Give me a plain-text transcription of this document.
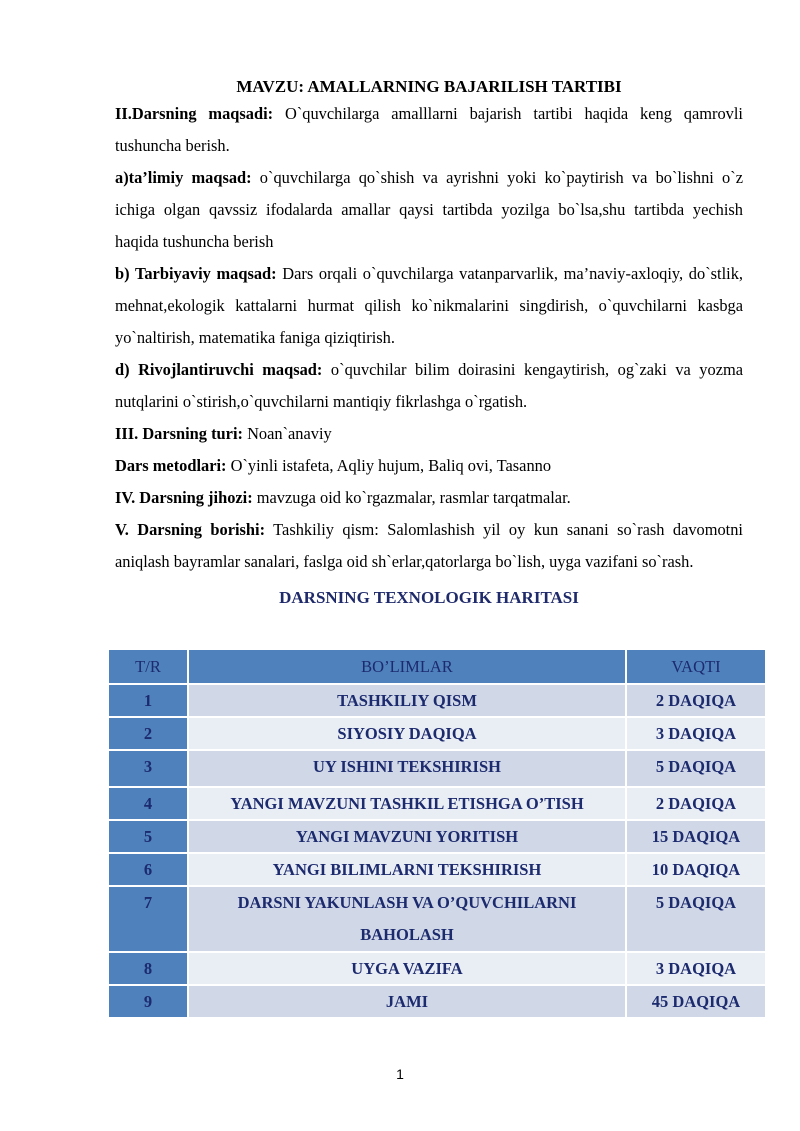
MAVZU: AMALLARNING BAJARILISH TARTIBI

II.Darsning maqsadi: O`quvchilarga amalllarni bajarish tartibi haqida keng qamrovli tushuncha berish.

a)ta’limiy maqsad: o`quvchilarga qo`shish va ayrishni yoki ko`paytirish va bo`lishni o`z ichiga olgan qavssiz ifodalarda amallar qaysi tartibda yozilga bo`lsa,shu tartibda yechish haqida tushuncha berish

b) Tarbiyaviy maqsad: Dars orqali o`quvchilarga vatanparvarlik, ma’naviy-axloqiy, do`stlik, mehnat,ekologik kattalarni hurmat qilish ko`nikmalarini singdirish, o`quvchilarni kasbga yo`naltirish, matematika faniga qiziqtirish.

d) Rivojlantiruvchi maqsad: o`quvchilar bilim doirasini kengaytirish, og`zaki va yozma nutqlarini o`stirish,o`quvchilarni mantiqiy fikrlashga o`rgatish.

III. Darsning turi: Noan`anaviy

Dars metodlari: O`yinli istafeta, Aqliy hujum, Baliq ovi, Tasanno

IV. Darsning jihozi: mavzuga oid ko`rgazmalar, rasmlar tarqatmalar.

V. Darsning borishi: Tashkiliy qism: Salomlashish yil oy kun sanani so`rash davomotni aniqlash bayramlar sanalari, faslga oid sh`erlar,qatorlarga bo`lish, uyga vazifani so`rash.

DARSNING TEXNOLOGIK HARITASI

T/R	BO’LIMLAR	VAQTI
1	TASHKILIY QISM	2 DAQIQA
2	SIYOSIY DAQIQA	3 DAQIQA
3	UY ISHINI TEKSHIRISH	5 DAQIQA
4	YANGI MAVZUNI TASHKIL ETISHGA O’TISH	2 DAQIQA
5	YANGI MAVZUNI YORITISH	15 DAQIQA
6	YANGI BILIMLARNI TEKSHIRISH	10 DAQIQA
7	DARSNI YAKUNLASH VA O’QUVCHILARNI
BAHOLASH	5 DAQIQA
8	UYGA VAZIFA	3 DAQIQA
9	JAMI	45 DAQIQA
1
